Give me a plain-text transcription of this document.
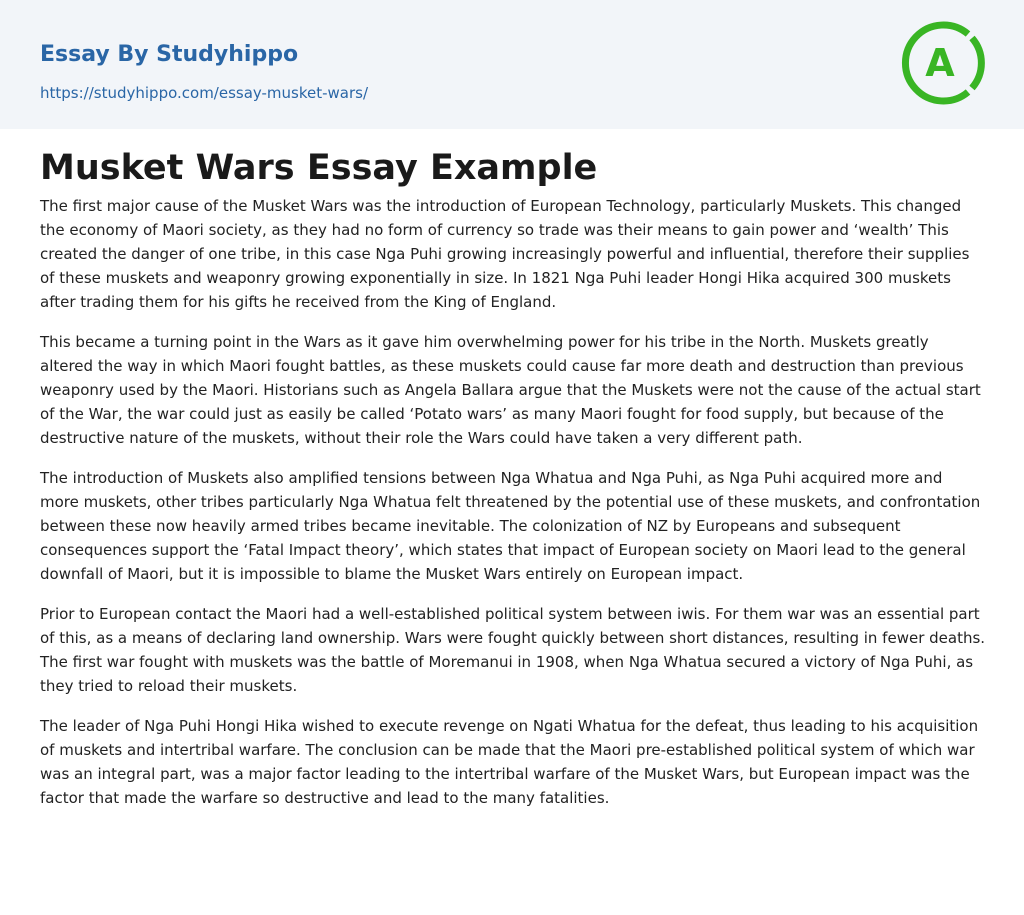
Essay By Studyhippo
https://studyhippo.com/essay-musket-wars/
A
Musket Wars Essay Example

The first major cause of the Musket Wars was the introduction of European Technology, particularly Muskets. This changed the economy of Maori society, as they had no form of currency so trade was their means to gain power and ‘wealth’ This created the danger of one tribe, in this case Nga Puhi growing increasingly powerful and influential, therefore their supplies of these muskets and weaponry growing exponentially in size. In 1821 Nga Puhi leader Hongi Hika acquired 300 muskets after trading them for his gifts he received from the King of England.

This became a turning point in the Wars as it gave him overwhelming power for his tribe in the North. Muskets greatly altered the way in which Maori fought battles, as these muskets could cause far more death and destruction than previous weaponry used by the Maori. Historians such as Angela Ballara argue that the Muskets were not the cause of the actual start of the War, the war could just as easily be called ‘Potato wars’ as many Maori fought for food supply, but because of the destructive nature of the muskets, without their role the Wars could have taken a very different path.

The introduction of Muskets also amplified tensions between Nga Whatua and Nga Puhi, as Nga Puhi acquired more and more muskets, other tribes particularly Nga Whatua felt threatened by the potential use of these muskets, and confrontation between these now heavily armed tribes became inevitable. The colonization of NZ by Europeans and subsequent consequences support the ‘Fatal Impact theory’, which states that impact of European society on Maori lead to the general downfall of Maori, but it is impossible to blame the Musket Wars entirely on European impact.

Prior to European contact the Maori had a well-established political system between iwis. For them war was an essential part of this, as a means of declaring land ownership. Wars were fought quickly between short distances, resulting in fewer deaths. The first war fought with muskets was the battle of Moremanui in 1908, when Nga Whatua secured a victory of Nga Puhi, as they tried to reload their muskets.

The leader of Nga Puhi Hongi Hika wished to execute revenge on Ngati Whatua for the defeat, thus leading to his acquisition of muskets and intertribal warfare. The conclusion can be made that the Maori pre-established political system of which war was an integral part, was a major factor leading to the intertribal warfare of the Musket Wars, but European impact was the factor that made the warfare so destructive and lead to the many fatalities.
